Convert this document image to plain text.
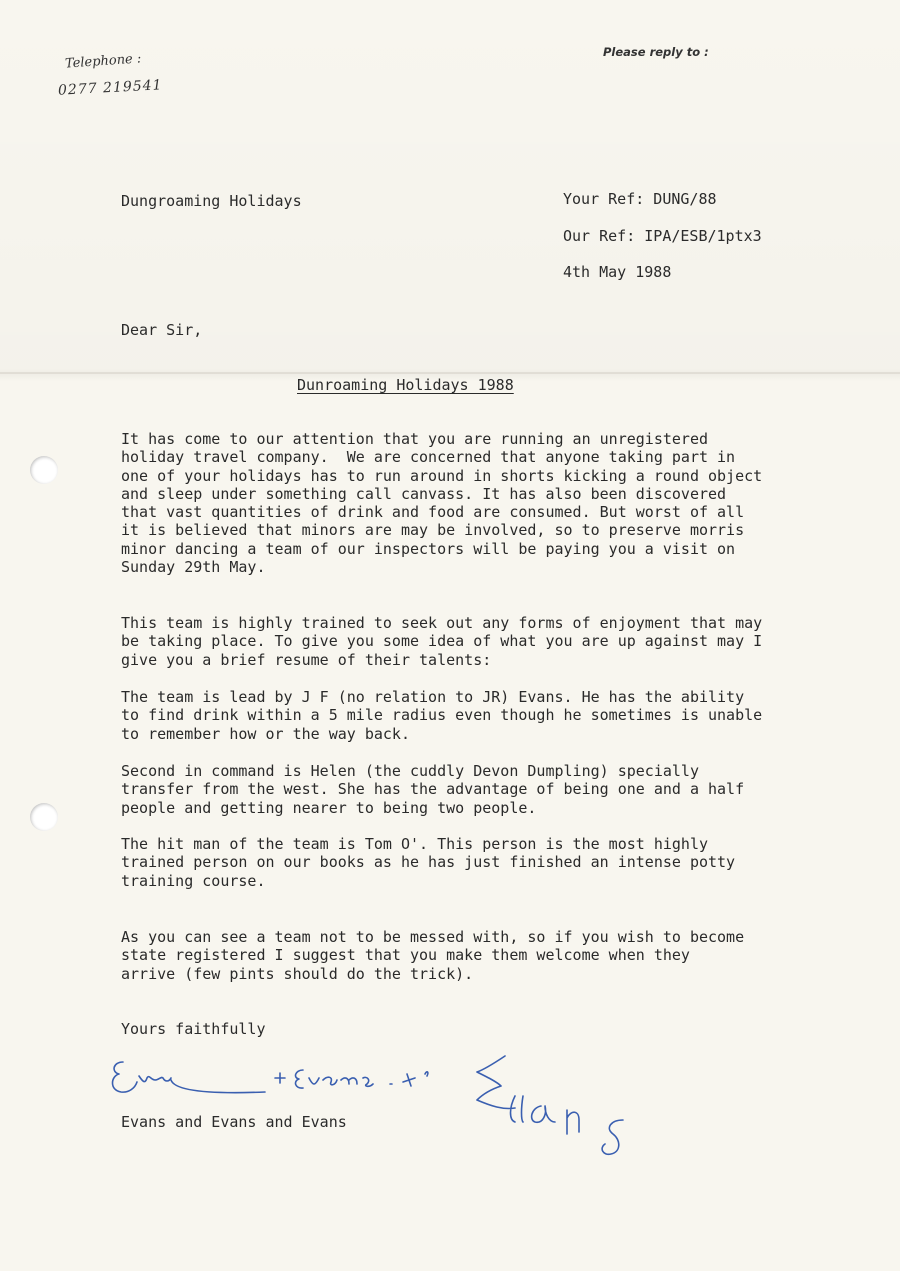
Telephone :
0277 219541
Please reply to :
Dungroaming Holidays	Your Ref: DUNG/88
Our Ref: IPA/ESB/1ptx3
4th May 1988
Dear Sir,
Dunroaming Holidays 1988
It has come to our attention that you are running an unregistered
holiday travel company.  We are concerned that anyone taking part in
one of your holidays has to run around in shorts kicking a round object
and sleep under something call canvass. It has also been discovered
that vast quantities of drink and food are consumed. But worst of all
it is believed that minors are may be involved, so to preserve morris
minor dancing a team of our inspectors will be paying you a visit on
Sunday 29th May.
This team is highly trained to seek out any forms of enjoyment that may
be taking place. To give you some idea of what you are up against may I
give you a brief resume of their talents:
The team is lead by J F (no relation to JR) Evans. He has the ability
to find drink within a 5 mile radius even though he sometimes is unable
to remember how or the way back.
Second in command is Helen (the cuddly Devon Dumpling) specially
transfer from the west. She has the advantage of being one and a half
people and getting nearer to being two people.
The hit man of the team is Tom O'. This person is the most highly
trained person on our books as he has just finished an intense potty
training course.
As you can see a team not to be messed with, so if you wish to become
state registered I suggest that you make them welcome when they
arrive (few pints should do the trick).
Yours faithfully
Evans and Evans and Evans
